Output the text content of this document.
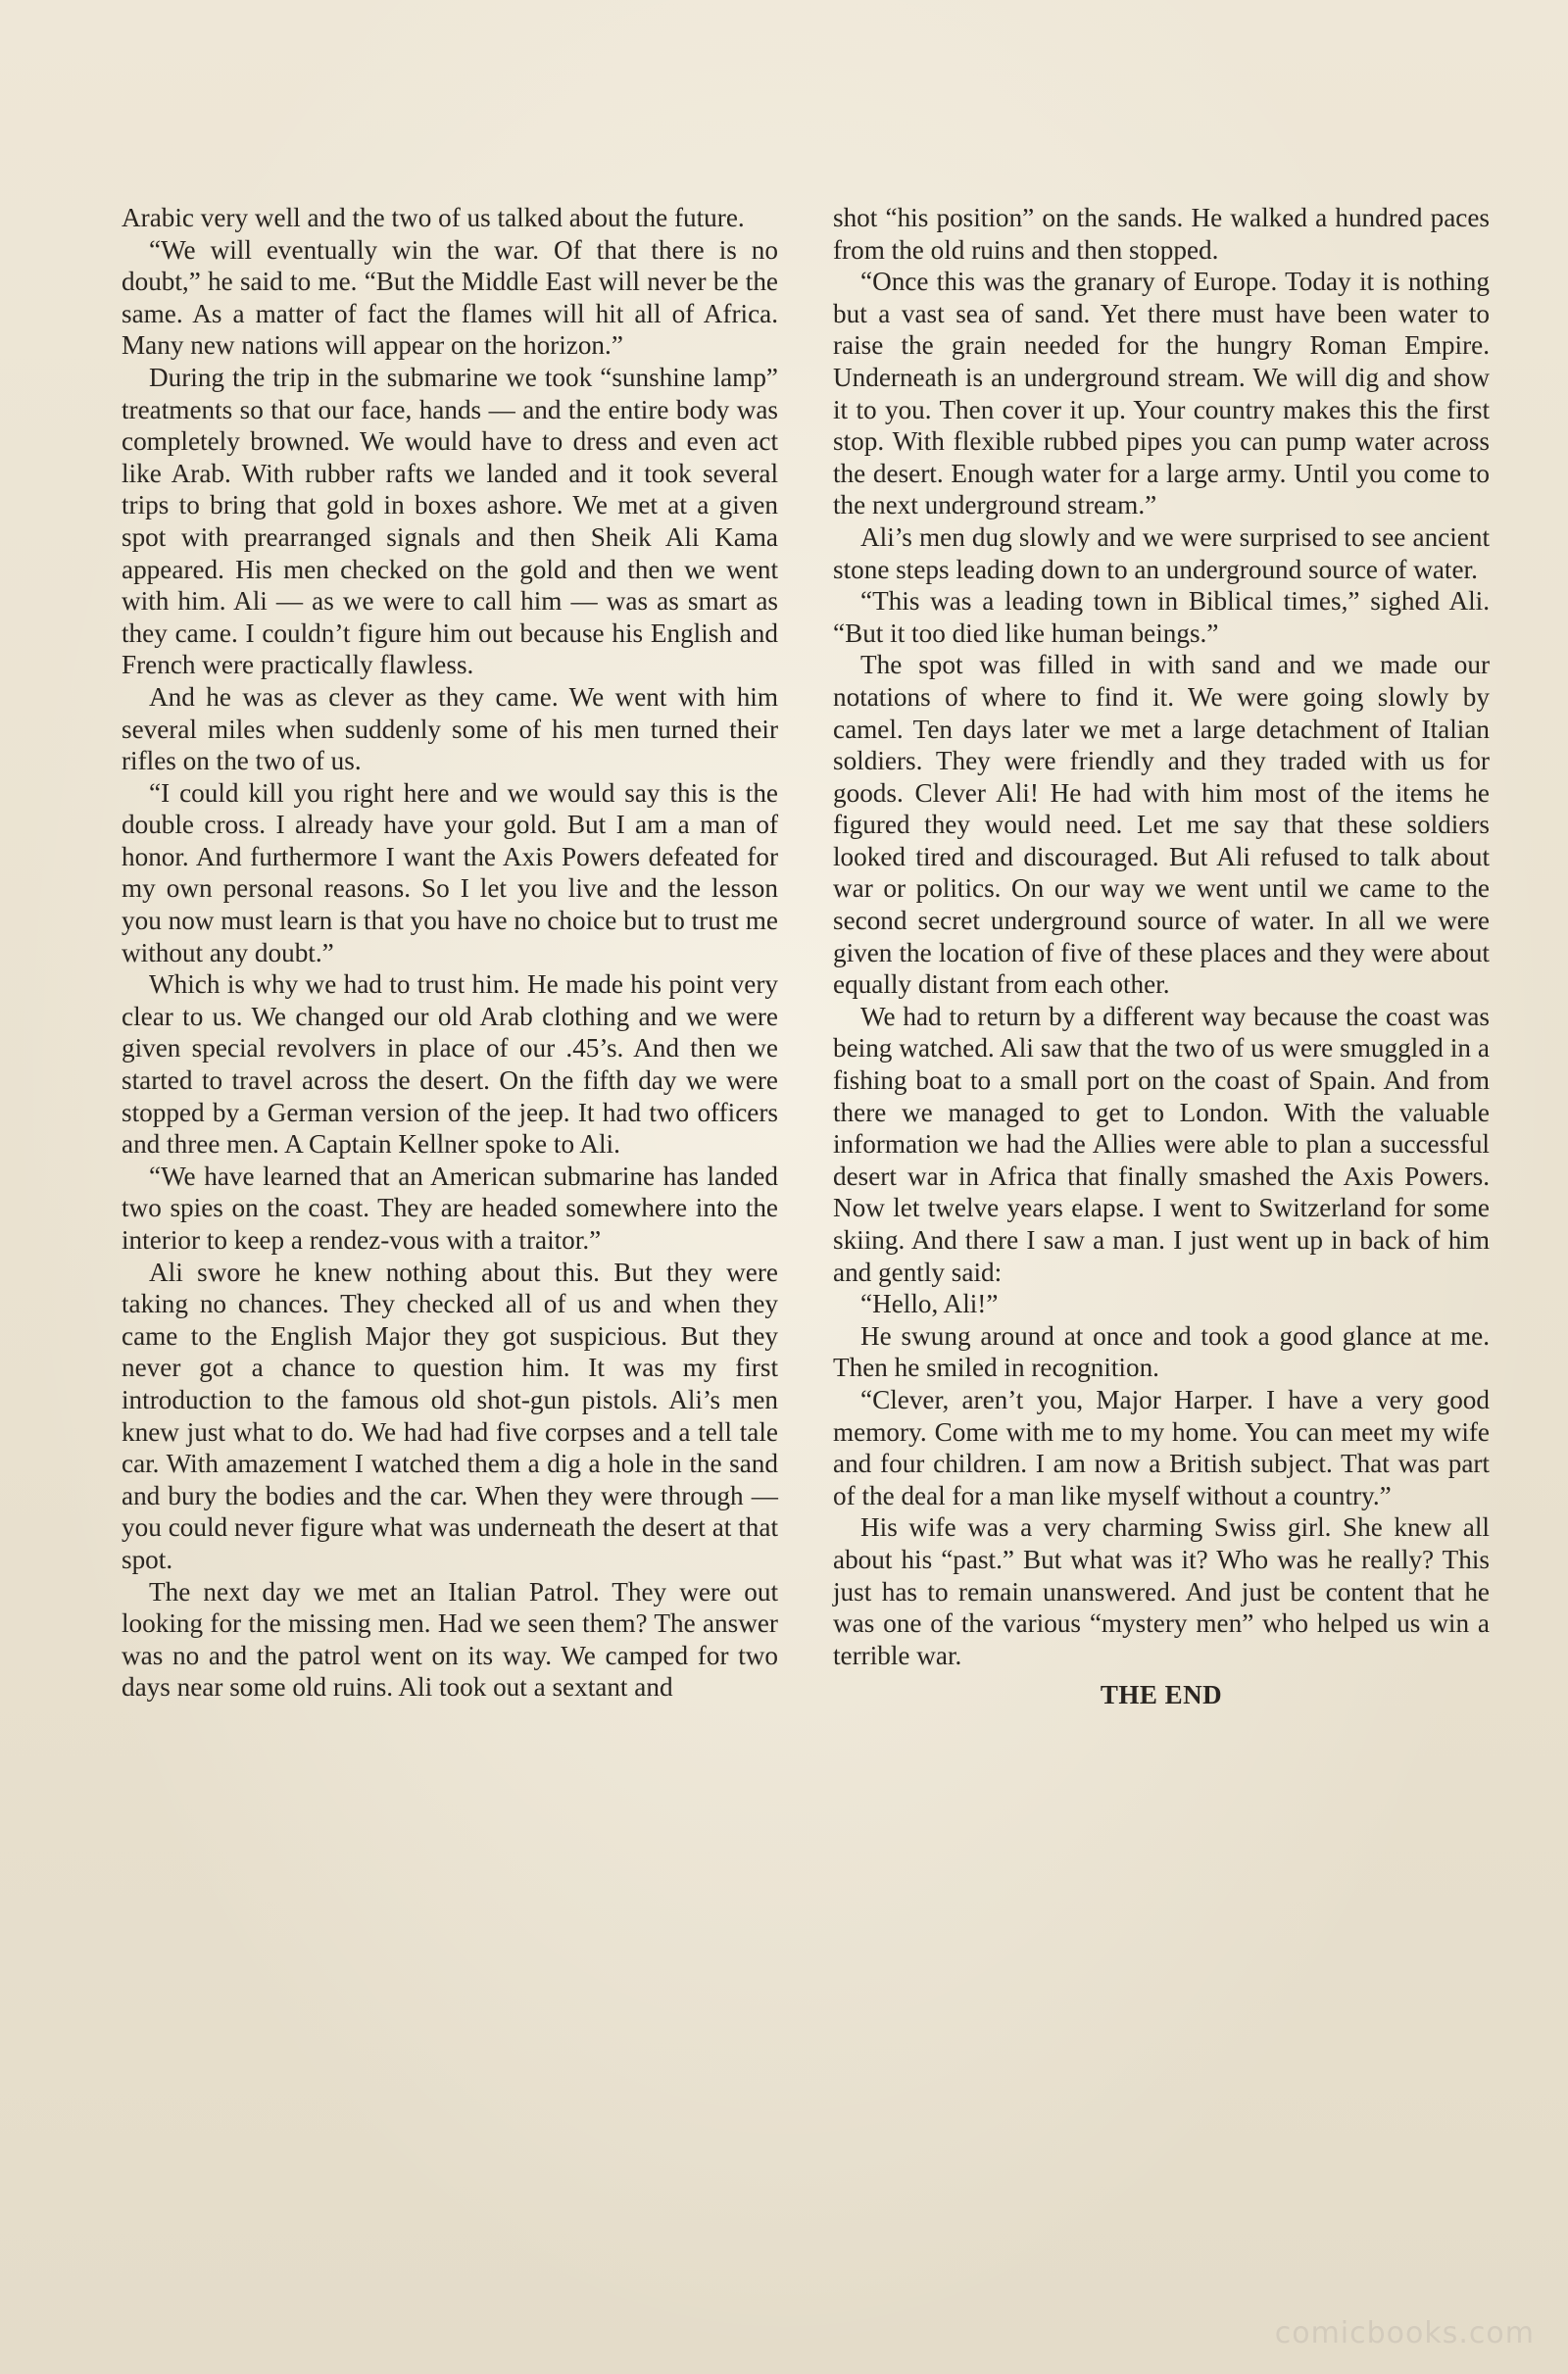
Arabic very well and the two of us talked about the future.

“We will eventually win the war. Of that there is no doubt,” he said to me. “But the Middle East will never be the same. As a matter of fact the flames will hit all of Africa. Many new nations will appear on the horizon.”

During the trip in the submarine we took “sunshine lamp” treatments so that our face, hands — and the entire body was completely browned. We would have to dress and even act like Arab. With rubber rafts we landed and it took several trips to bring that gold in boxes ashore. We met at a given spot with prearranged signals and then Sheik Ali Kama appeared. His men checked on the gold and then we went with him. Ali — as we were to call him — was as smart as they came. I couldn’t figure him out because his English and French were practically flawless.

And he was as clever as they came. We went with him several miles when suddenly some of his men turned their rifles on the two of us.

“I could kill you right here and we would say this is the double cross. I already have your gold. But I am a man of honor. And furthermore I want the Axis Powers defeated for my own personal reasons. So I let you live and the lesson you now must learn is that you have no choice but to trust me without any doubt.”

Which is why we had to trust him. He made his point very clear to us. We changed our old Arab clothing and we were given special revolvers in place of our .45’s. And then we started to travel across the desert. On the fifth day we were stopped by a German version of the jeep. It had two officers and three men. A Captain Kellner spoke to Ali.

“We have learned that an American submarine has landed two spies on the coast. They are headed somewhere into the interior to keep a rendez-vous with a traitor.”

Ali swore he knew nothing about this. But they were taking no chances. They checked all of us and when they came to the English Major they got suspicious. But they never got a chance to question him. It was my first introduction to the famous old shot-gun pistols. Ali’s men knew just what to do. We had had five corpses and a tell tale car. With amazement I watched them a dig a hole in the sand and bury the bodies and the car. When they were through — you could never figure what was underneath the desert at that spot.

The next day we met an Italian Patrol. They were out looking for the missing men. Had we seen them? The answer was no and the patrol went on its way. We camped for two days near some old ruins. Ali took out a sextant and

shot “his position” on the sands. He walked a hundred paces from the old ruins and then stopped.

“Once this was the granary of Europe. Today it is nothing but a vast sea of sand. Yet there must have been water to raise the grain needed for the hungry Roman Empire. Underneath is an underground stream. We will dig and show it to you. Then cover it up. Your country makes this the first stop. With flexible rubbed pipes you can pump water across the desert. Enough water for a large army. Until you come to the next underground stream.”

Ali’s men dug slowly and we were surprised to see ancient stone steps leading down to an underground source of water.

“This was a leading town in Biblical times,” sighed Ali. “But it too died like human beings.”

The spot was filled in with sand and we made our notations of where to find it. We were going slowly by camel. Ten days later we met a large detachment of Italian soldiers. They were friendly and they traded with us for goods. Clever Ali! He had with him most of the items he figured they would need. Let me say that these soldiers looked tired and discouraged. But Ali refused to talk about war or politics. On our way we went until we came to the second secret underground source of water. In all we were given the location of five of these places and they were about equally distant from each other.

We had to return by a different way because the coast was being watched. Ali saw that the two of us were smuggled in a fishing boat to a small port on the coast of Spain. And from there we managed to get to London. With the valuable information we had the Allies were able to plan a successful desert war in Africa that finally smashed the Axis Powers. Now let twelve years elapse. I went to Switzerland for some skiing. And there I saw a man. I just went up in back of him and gently said:

“Hello, Ali!”

He swung around at once and took a good glance at me. Then he smiled in recognition.

“Clever, aren’t you, Major Harper. I have a very good memory. Come with me to my home. You can meet my wife and four children. I am now a British subject. That was part of the deal for a man like myself without a country.”

His wife was a very charming Swiss girl. She knew all about his “past.” But what was it? Who was he really? This just has to remain unanswered. And just be content that he was one of the various “mystery men” who helped us win a terrible war.

THE END
comicbooks.com
